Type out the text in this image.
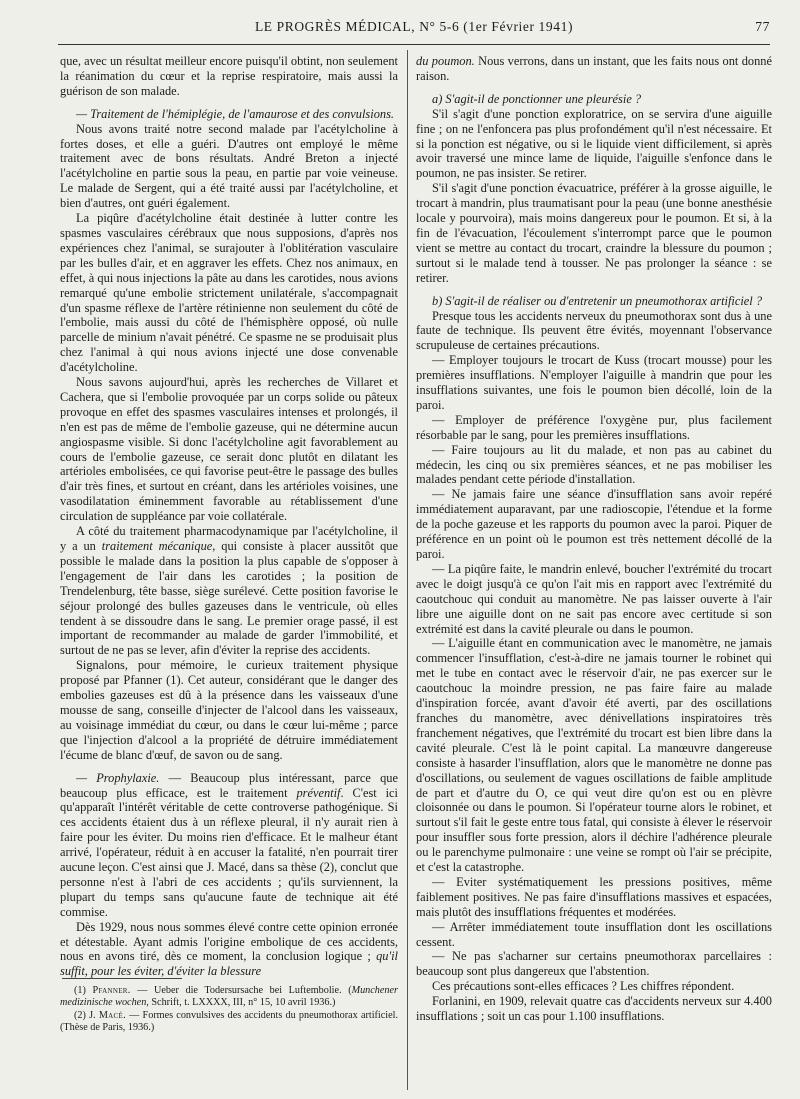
LE PROGRÈS MÉDICAL, N° 5-6 (1er Février 1941)	77

que, avec un résultat meilleur encore puisqu'il obtint, non seulement la réanimation du cœur et la reprise respiratoire, mais aussi la guérison de son malade.

— Traitement de l'hémiplégie, de l'amaurose et des convulsions.

Nous avons traité notre second malade par l'acétylcholine à fortes doses, et elle a guéri. D'autres ont employé le même traitement avec de bons résultats. André Breton a injecté l'acétylcholine en partie sous la peau, en partie par voie veineuse. Le malade de Sergent, qui a été traité aussi par l'acétylcholine, et bien d'autres, ont guéri également.

La piqûre d'acétylcholine était destinée à lutter contre les spasmes vasculaires cérébraux que nous supposions, d'après nos expériences chez l'animal, se surajouter à l'oblitération vasculaire par les bulles d'air, et en aggraver les effets. Chez nos animaux, en effet, à qui nous injections la pâte au dans les carotides, nous avions remarqué qu'une embolie strictement unilatérale, s'accompagnait d'un spasme réflexe de l'artère rétinienne non seulement du côté de l'embolie, mais aussi du côté de l'hémisphère opposé, où nulle parcelle de minium n'avait pénétré. Ce spasme ne se produisait plus chez l'animal à qui nous avions injecté une dose convenable d'acétylcholine.

Nous savons aujourd'hui, après les recherches de Villaret et Cachera, que si l'embolie provoquée par un corps solide ou pâteux provoque en effet des spasmes vasculaires intenses et prolongés, il n'en est pas de même de l'embolie gazeuse, qui ne détermine aucun angiospasme visible. Si donc l'acétylcholine agit favorablement au cours de l'embolie gazeuse, ce serait donc plutôt en dilatant les artérioles embolisées, ce qui favorise peut-être le passage des bulles d'air très fines, et surtout en créant, dans les artérioles voisines, une vasodilatation éminemment favorable au rétablissement d'une circulation de suppléance par voie collatérale.

A côté du traitement pharmacodynamique par l'acétylcholine, il y a un traitement mécanique, qui consiste à placer aussitôt que possible le malade dans la position la plus capable de s'opposer à l'engagement de l'air dans les carotides ; la position de Trendelenburg, tête basse, siège surélevé. Cette position favorise le séjour prolongé des bulles gazeuses dans le ventricule, où elles tendent à se dissoudre dans le sang. Le premier orage passé, il est important de recommander au malade de garder l'immobilité, et surtout de ne pas se lever, afin d'éviter la reprise des accidents.

Signalons, pour mémoire, le curieux traitement physique proposé par Pfanner (1). Cet auteur, considérant que le danger des embolies gazeuses est dû à la présence dans les vaisseaux d'une mousse de sang, conseille d'injecter de l'alcool dans les vaisseaux, au voisinage immédiat du cœur, ou dans le cœur lui-même ; parce que l'injection d'alcool a la propriété de détruire immédiatement l'écume de blanc d'œuf, de savon ou de sang.

— Prophylaxie. — Beaucoup plus intéressant, parce que beaucoup plus efficace, est le traitement préventif. C'est ici qu'apparaît l'intérêt véritable de cette controverse pathogénique. Si ces accidents étaient dus à un réflexe pleural, il n'y aurait rien à faire pour les éviter. Du moins rien d'efficace. Et le malheur étant arrivé, l'opérateur, réduit à en accuser la fatalité, n'en pourrait tirer aucune leçon. C'est ainsi que J. Macé, dans sa thèse (2), conclut que personne n'est à l'abri de ces accidents ; qu'ils surviennent, la plupart du temps sans qu'aucune faute de technique ait été commise.

Dès 1929, nous nous sommes élevé contre cette opinion erronée et détestable. Ayant admis l'origine embolique de ces accidents, nous en avons tiré, dès ce moment, la conclusion logique ; qu'il suffit, pour les éviter, d'éviter la blessure

(1) Pfanner. — Ueber die Todersursache bei Luftembolie. (Munchener medizinische wochen, Schrift, t. LXXXX, III, n° 15, 10 avril 1936.)

(2) J. Macé. — Formes convulsives des accidents du pneumothorax artificiel. (Thèse de Paris, 1936.)

du poumon. Nous verrons, dans un instant, que les faits nous ont donné raison.

a) S'agit-il de ponctionner une pleurésie ?

S'il s'agit d'une ponction exploratrice, on se servira d'une aiguille fine ; on ne l'enfoncera pas plus profondément qu'il n'est nécessaire. Et si la ponction est négative, ou si le liquide vient difficilement, si après avoir traversé une mince lame de liquide, l'aiguille s'enfonce dans le poumon, ne pas insister. Se retirer.

S'il s'agit d'une ponction évacuatrice, préférer à la grosse aiguille, le trocart à mandrin, plus traumatisant pour la peau (une bonne anesthésie locale y pourvoira), mais moins dangereux pour le poumon. Et si, à la fin de l'évacuation, l'écoulement s'interrompt parce que le poumon vient se mettre au contact du trocart, craindre la blessure du poumon ; surtout si le malade tend à tousser. Ne pas prolonger la séance : se retirer.

b) S'agit-il de réaliser ou d'entretenir un pneumothorax artificiel ?

Presque tous les accidents nerveux du pneumothorax sont dus à une faute de technique. Ils peuvent être évités, moyennant l'observance scrupuleuse de certaines précautions.

— Employer toujours le trocart de Kuss (trocart mousse) pour les premières insufflations. N'employer l'aiguille à mandrin que pour les insufflations suivantes, une fois le poumon bien décollé, loin de la paroi.

— Employer de préférence l'oxygène pur, plus facilement résorbable par le sang, pour les premières insufflations.

— Faire toujours au lit du malade, et non pas au cabinet du médecin, les cinq ou six premières séances, et ne pas mobiliser les malades pendant cette période d'installation.

— Ne jamais faire une séance d'insufflation sans avoir repéré immédiatement auparavant, par une radioscopie, l'étendue et la forme de la poche gazeuse et les rapports du poumon avec la paroi. Piquer de préférence en un point où le poumon est très nettement décollé de la paroi.

— La piqûre faite, le mandrin enlevé, boucher l'extrémité du trocart avec le doigt jusqu'à ce qu'on l'ait mis en rapport avec l'extrémité du caoutchouc qui conduit au manomètre. Ne pas laisser ouverte à l'air libre une aiguille dont on ne sait pas encore avec certitude si son extrémité est dans la cavité pleurale ou dans le poumon.

— L'aiguille étant en communication avec le manomètre, ne jamais commencer l'insufflation, c'est-à-dire ne jamais tourner le robinet qui met le tube en contact avec le réservoir d'air, ne pas exercer sur le caoutchouc la moindre pression, ne pas faire faire au malade d'inspiration forcée, avant d'avoir été averti, par des oscillations franches du manomètre, avec dénivellations inspiratoires très franchement négatives, que l'extrémité du trocart est bien libre dans la cavité pleurale. C'est là le point capital. La manœuvre dangereuse consiste à hasarder l'insufflation, alors que le manomètre ne donne pas d'oscillations, ou seulement de vagues oscillations de faible amplitude de part et d'autre du O, ce qui veut dire qu'on est ou en plèvre cloisonnée ou dans le poumon. Si l'opérateur tourne alors le robinet, et surtout s'il fait le geste entre tous fatal, qui consiste à élever le réservoir pour insuffler sous forte pression, alors il déchire l'adhérence pleurale ou le parenchyme pulmonaire : une veine se rompt où l'air se précipite, et c'est la catastrophe.

— Eviter systématiquement les pressions positives, même faiblement positives. Ne pas faire d'insufflations massives et espacées, mais plutôt des insufflations fréquentes et modérées.

— Arrêter immédiatement toute insufflation dont les oscillations cessent.

— Ne pas s'acharner sur certains pneumothorax parcellaires : beaucoup sont plus dangereux que l'abstention.

Ces précautions sont-elles efficaces ? Les chiffres répondent.

Forlanini, en 1909, relevait quatre cas d'accidents nerveux sur 4.400 insufflations ; soit un cas pour 1.100 insufflations.
